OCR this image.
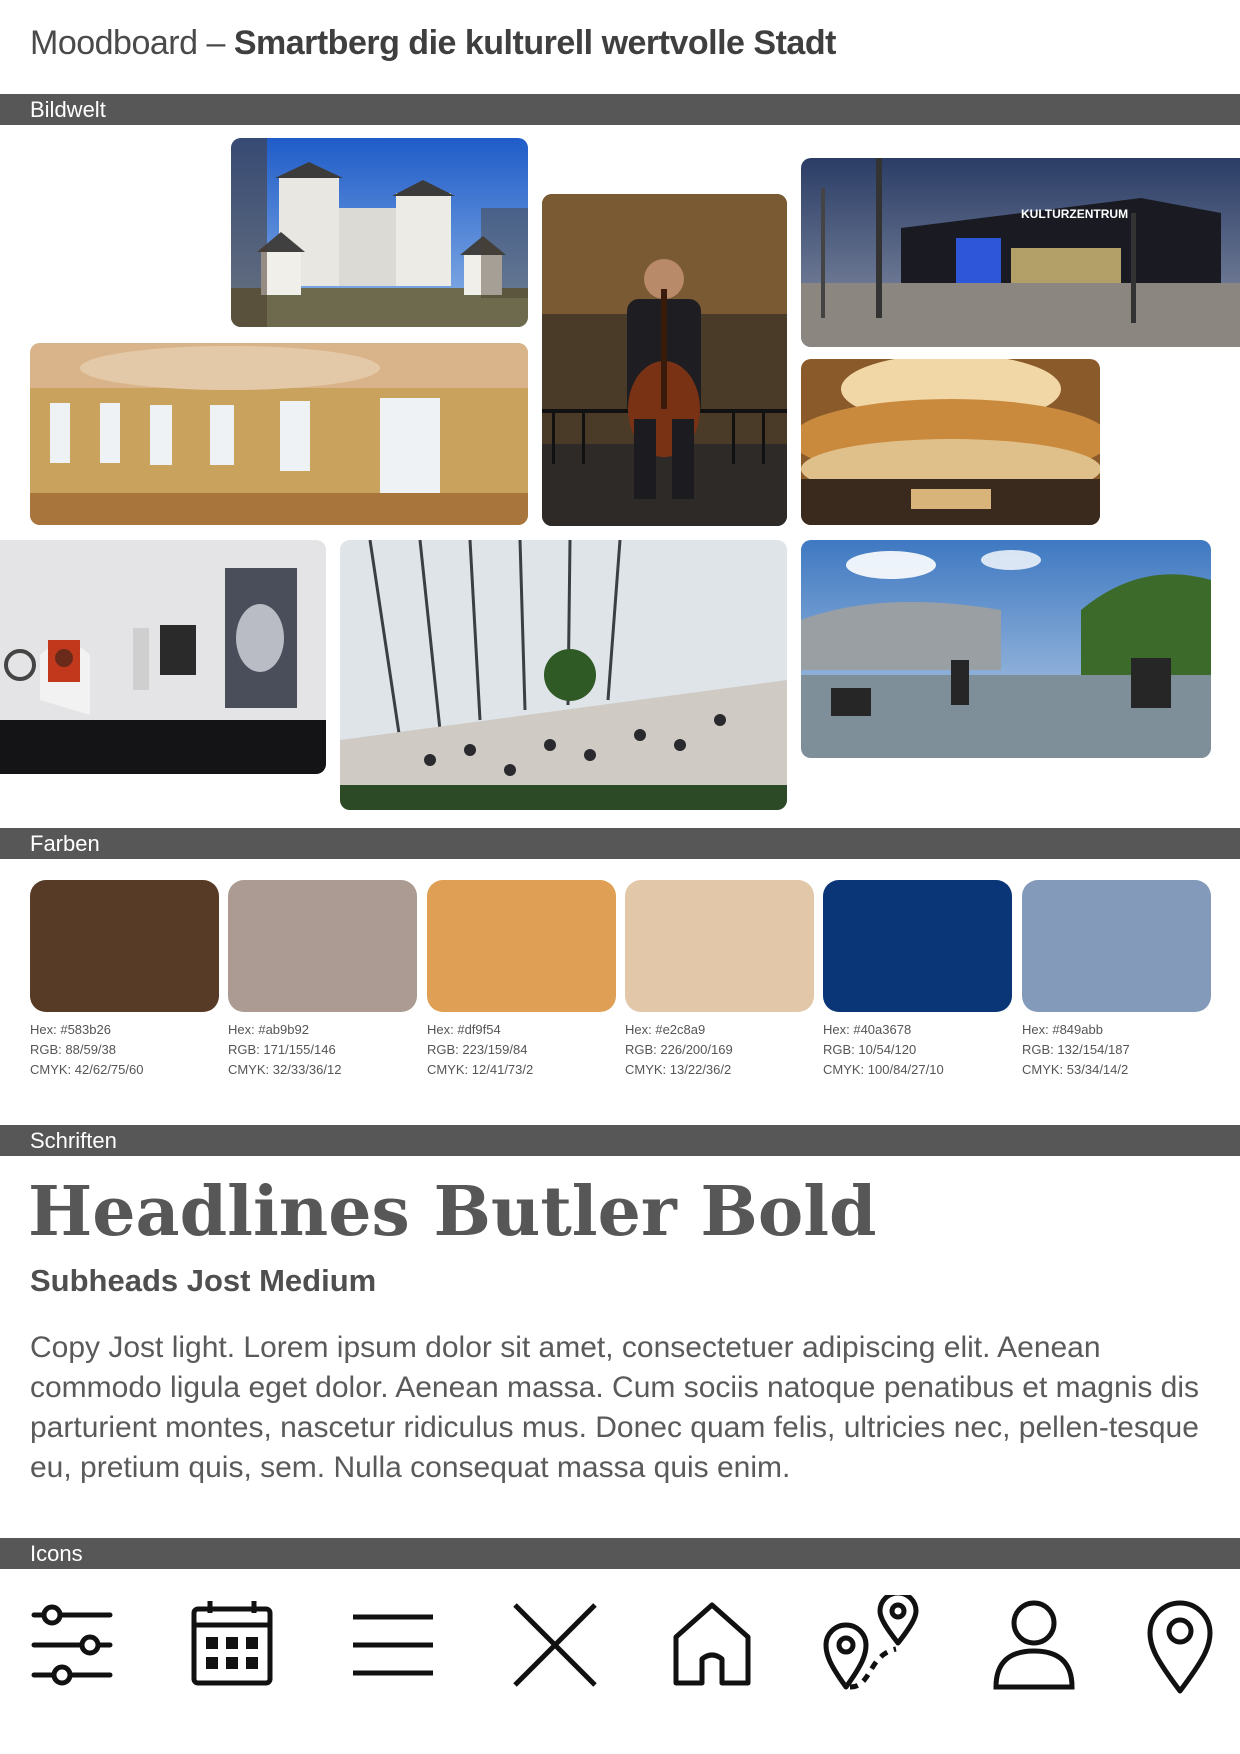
Moodboard – Smartberg die kulturell wertvolle Stadt
Bildwelt
KULTURZENTRUM
Farben
Hex: #583b26
RGB: 88/59/38
CMYK: 42/62/75/60
Hex: #ab9b92
RGB: 171/155/146
CMYK: 32/33/36/12
Hex: #df9f54
RGB: 223/159/84
CMYK: 12/41/73/2
Hex: #e2c8a9
RGB: 226/200/169
CMYK: 13/22/36/2
Hex: #40a3678
RGB: 10/54/120
CMYK: 100/84/27/10
Hex: #849abb
RGB: 132/154/187
CMYK: 53/34/14/2
Schriften
Headlines Butler Bold
Subheads Jost Medium
Copy Jost light. Lorem ipsum dolor sit amet, consectetuer adipiscing elit. Aenean commodo ligula eget dolor. Aenean massa. Cum sociis natoque penatibus et magnis dis parturient montes, nascetur ridiculus mus. Donec quam felis, ultricies nec, pellen-tesque eu, pretium quis, sem. Nulla consequat massa quis enim.
Icons
